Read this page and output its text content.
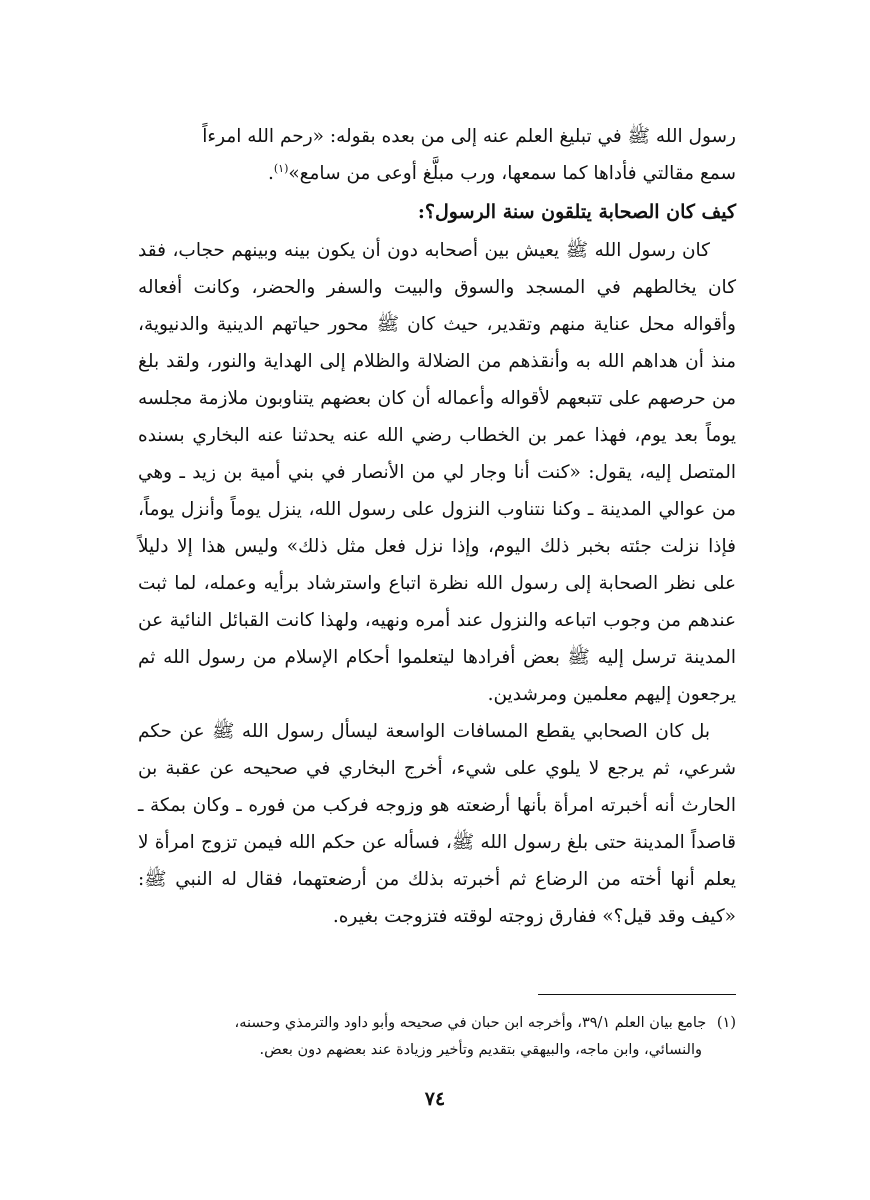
رسول الله ﷺ في تبليغ العلم عنه إلى من بعده بقوله: «رحم الله امرءاً
سمع مقالتي فأداها كما سمعها، ورب مبلَّغ أوعى من سامع»$^{(١)}$.

كيف كان الصحابة يتلقون سنة الرسول؟:

كان رسول الله ﷺ يعيش بين أصحابه دون أن يكون بينه وبينهم حجاب، فقد كان يخالطهم في المسجد والسوق والبيت والسفر والحضر، وكانت أفعاله وأقواله محل عناية منهم وتقدير، حيث كان ﷺ محور حياتهم الدينية والدنيوية، منذ أن هداهم الله به وأنقذهم من الضلالة والظلام إلى الهداية والنور، ولقد بلغ من حرصهم على تتبعهم لأقواله وأعماله أن كان بعضهم يتناوبون ملازمة مجلسه يوماً بعد يوم، فهذا عمر بن الخطاب رضي الله عنه يحدثنا عنه البخاري بسنده المتصل إليه، يقول: «كنت أنا وجار لي من الأنصار في بني أمية بن زيد ـ وهي من عوالي المدينة ـ وكنا نتناوب النزول على رسول الله، ينزل يوماً وأنزل يوماً، فإذا نزلت جئته بخبر ذلك اليوم، وإذا نزل فعل مثل ذلك» وليس هذا إلا دليلاً على نظر الصحابة إلى رسول الله نظرة اتباع واسترشاد برأيه وعمله، لما ثبت عندهم من وجوب اتباعه والنزول عند أمره ونهيه، ولهذا كانت القبائل النائية عن المدينة ترسل إليه ﷺ بعض أفرادها ليتعلموا أحكام الإسلام من رسول الله ثم يرجعون إليهم معلمين ومرشدين.

بل كان الصحابي يقطع المسافات الواسعة ليسأل رسول الله ﷺ عن حكم شرعي، ثم يرجع لا يلوي على شيء، أخرج البخاري في صحيحه عن عقبة بن الحارث أنه أخبرته امرأة بأنها أرضعته هو وزوجه فركب من فوره ـ وكان بمكة ـ قاصداً المدينة حتى بلغ رسول الله ﷺ، فسأله عن حكم الله فيمن تزوج امرأة لا يعلم أنها أخته من الرضاع ثم أخبرته بذلك من أرضعتهما، فقال له النبي ﷺ: «كيف وقد قيل؟» ففارق زوجته لوقته فتزوجت بغيره.

(١) جامع بيان العلم ٣٩/١، وأخرجه ابن حبان في صحيحه وأبو داود والترمذي وحسنه،

والنسائي، وابن ماجه، والبيهقي بتقديم وتأخير وزيادة عند بعضهم دون بعض.

٧٤
